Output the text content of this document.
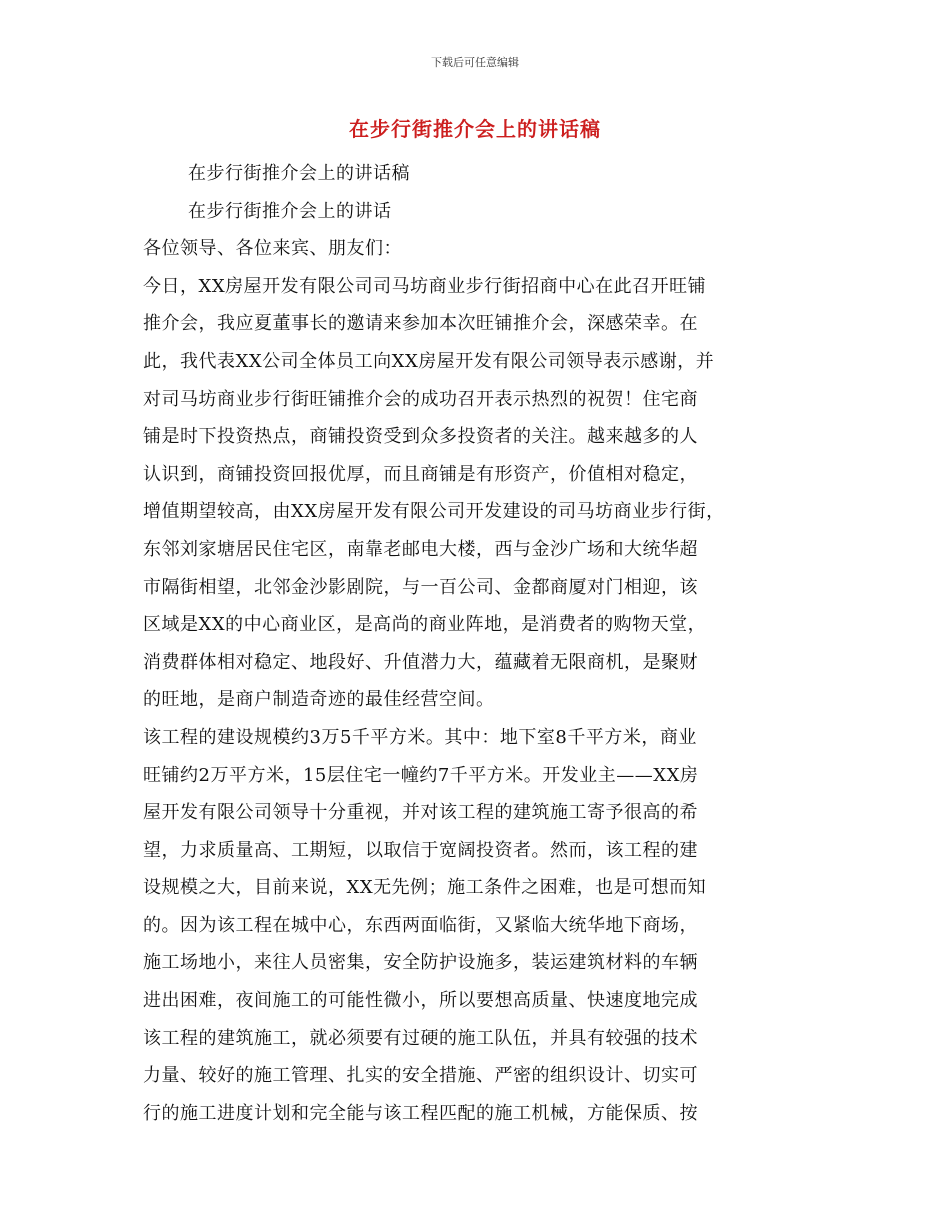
下载后可任意编辑
在步行街推介会上的讲话稿
在步行街推介会上的讲话稿
在步行街推介会上的讲话
各位领导、各位来宾、朋友们：
今日，XX房屋开发有限公司司马坊商业步行街招商中心在此召开旺铺
推介会，我应夏董事长的邀请来参加本次旺铺推介会，深感荣幸。在
此，我代表XX公司全体员工向XX房屋开发有限公司领导表示感谢，并
对司马坊商业步行街旺铺推介会的成功召开表示热烈的祝贺！住宅商
铺是时下投资热点，商铺投资受到众多投资者的关注。越来越多的人
认识到，商铺投资回报优厚，而且商铺是有形资产，价值相对稳定，
增值期望较高，由XX房屋开发有限公司开发建设的司马坊商业步行街，
东邻刘家塘居民住宅区，南靠老邮电大楼，西与金沙广场和大统华超
市隔街相望，北邻金沙影剧院，与一百公司、金都商厦对门相迎，该
区域是XX的中心商业区，是高尚的商业阵地，是消费者的购物天堂，
消费群体相对稳定、地段好、升值潜力大，蕴藏着无限商机，是聚财
的旺地，是商户制造奇迹的最佳经营空间。
该工程的建设规模约3万5千平方米。其中：地下室8千平方米，商业
旺铺约2万平方米，15层住宅一幢约7千平方米。开发业主——XX房
屋开发有限公司领导十分重视，并对该工程的建筑施工寄予很高的希
望，力求质量高、工期短，以取信于宽阔投资者。然而，该工程的建
设规模之大，目前来说，XX无先例；施工条件之困难，也是可想而知
的。因为该工程在城中心，东西两面临街，又紧临大统华地下商场，
施工场地小，来往人员密集，安全防护设施多，装运建筑材料的车辆
进出困难，夜间施工的可能性微小，所以要想高质量、快速度地完成
该工程的建筑施工，就必须要有过硬的施工队伍，并具有较强的技术
力量、较好的施工管理、扎实的安全措施、严密的组织设计、切实可
行的施工进度计划和完全能与该工程匹配的施工机械，方能保质、按
